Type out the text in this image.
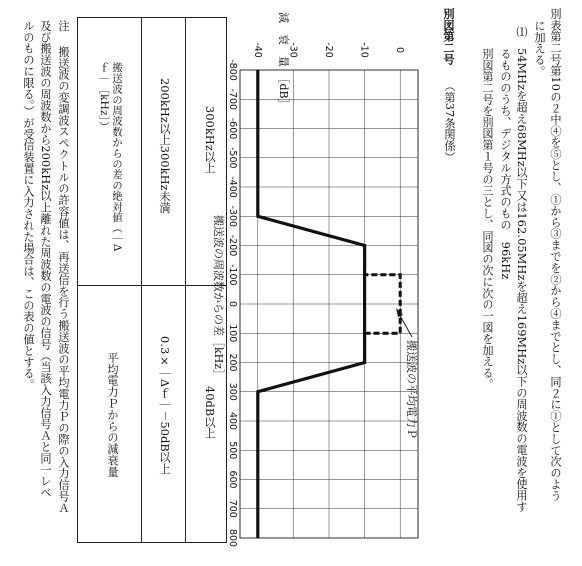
別表第二号第10の２中④を⑤とし、①から③までを②から④までとし、同２に①として次のよう
に加える。
⑴
54MHzを超え68MHz以下又は162.05MHzを超え169MHz以下の周波数の電波を使用す
るもののうち、デジタル方式のもの　96kHz
別図第二号を別図第１号の三とし、同図の次に次の一図を加える。
別図第二号
（第37条関係）
-800
-700
-600
-500
-400
-300
-200
-100
0
100
200
300
400
500
600
700
800
0
-10
-20
-30
-40 減　衰　量　［dB］
搬送波の周波数からの差［kHz］
搬送波の平均電力Ｐ
搬送波の周波数からの差の絶対値（｜Δｆ｜［kHz］）	200kHz以上300kHz未満	300kHz以上

平均電力Ｐからの減衰量	0.3×｜Δｆ｜－50dB以上	40dB以上
注
搬送波の変調波スペクトルの許容値は、再送信を行う搬送波の平均電力Ｐの際の入力信号Ａ
及び搬送波の周波数から200kHz以上離れた周波数の電波の信号（当該入力信号Ａと同一レベ
ルのものに限る。）が受信装置に入力された場合は、この表の値とする。
